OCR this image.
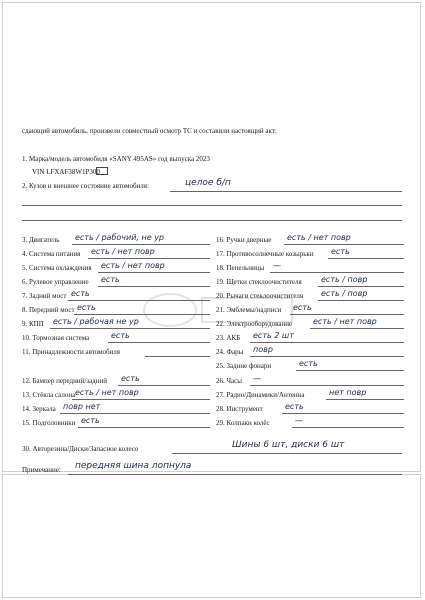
сдающий автомобиль, произвели совместный осмотр ТС и составили настоящий акт:
1. Марка/модель автомобиля «SANY 495AS» год выпуска 2023
VIN LFXAF38W1P300
2. Кузов и внешнее состояние автомобиля:	целое б/п
3. Двигатель есть / рабочий, не ур
4. Система питания есть / нет повр
5. Система охлаждения есть / нет повр
6. Рулевое управление есть
7. Задний мост есть
8. Передний мост есть
9. КПП есть / рабочая не ур
10. Тормозная система	есть
11. Принадлежности автомобиля
12. Бампер передний/задний есть
13. Стёкла салона есть / нет повр
14. Зеркала повр нет
15. Подголовники есть
16. Ручки дверные есть / нет повр
17. Противосолнечные козырьки есть
18. Пепельницы —
19. Щетки стеклоочистителя есть / повр
20. Рычаги стеклоочистителя есть / повр
21. Эмблемы/надписи есть
22. Электрооборудование	есть / нет повр
23. АКБ есть 2 шт
24. Фары повр
25. Задние фонари	есть
26. Часы —
27. Радио/Динамики/Антенна	нет повр
28. Инструмент	есть
29. Колпаки колёс	—
30. Авторезина/Диски/Запасное колесо	Шины 6 шт, диски 6 шт
Примечание: передняя шина лопнула
